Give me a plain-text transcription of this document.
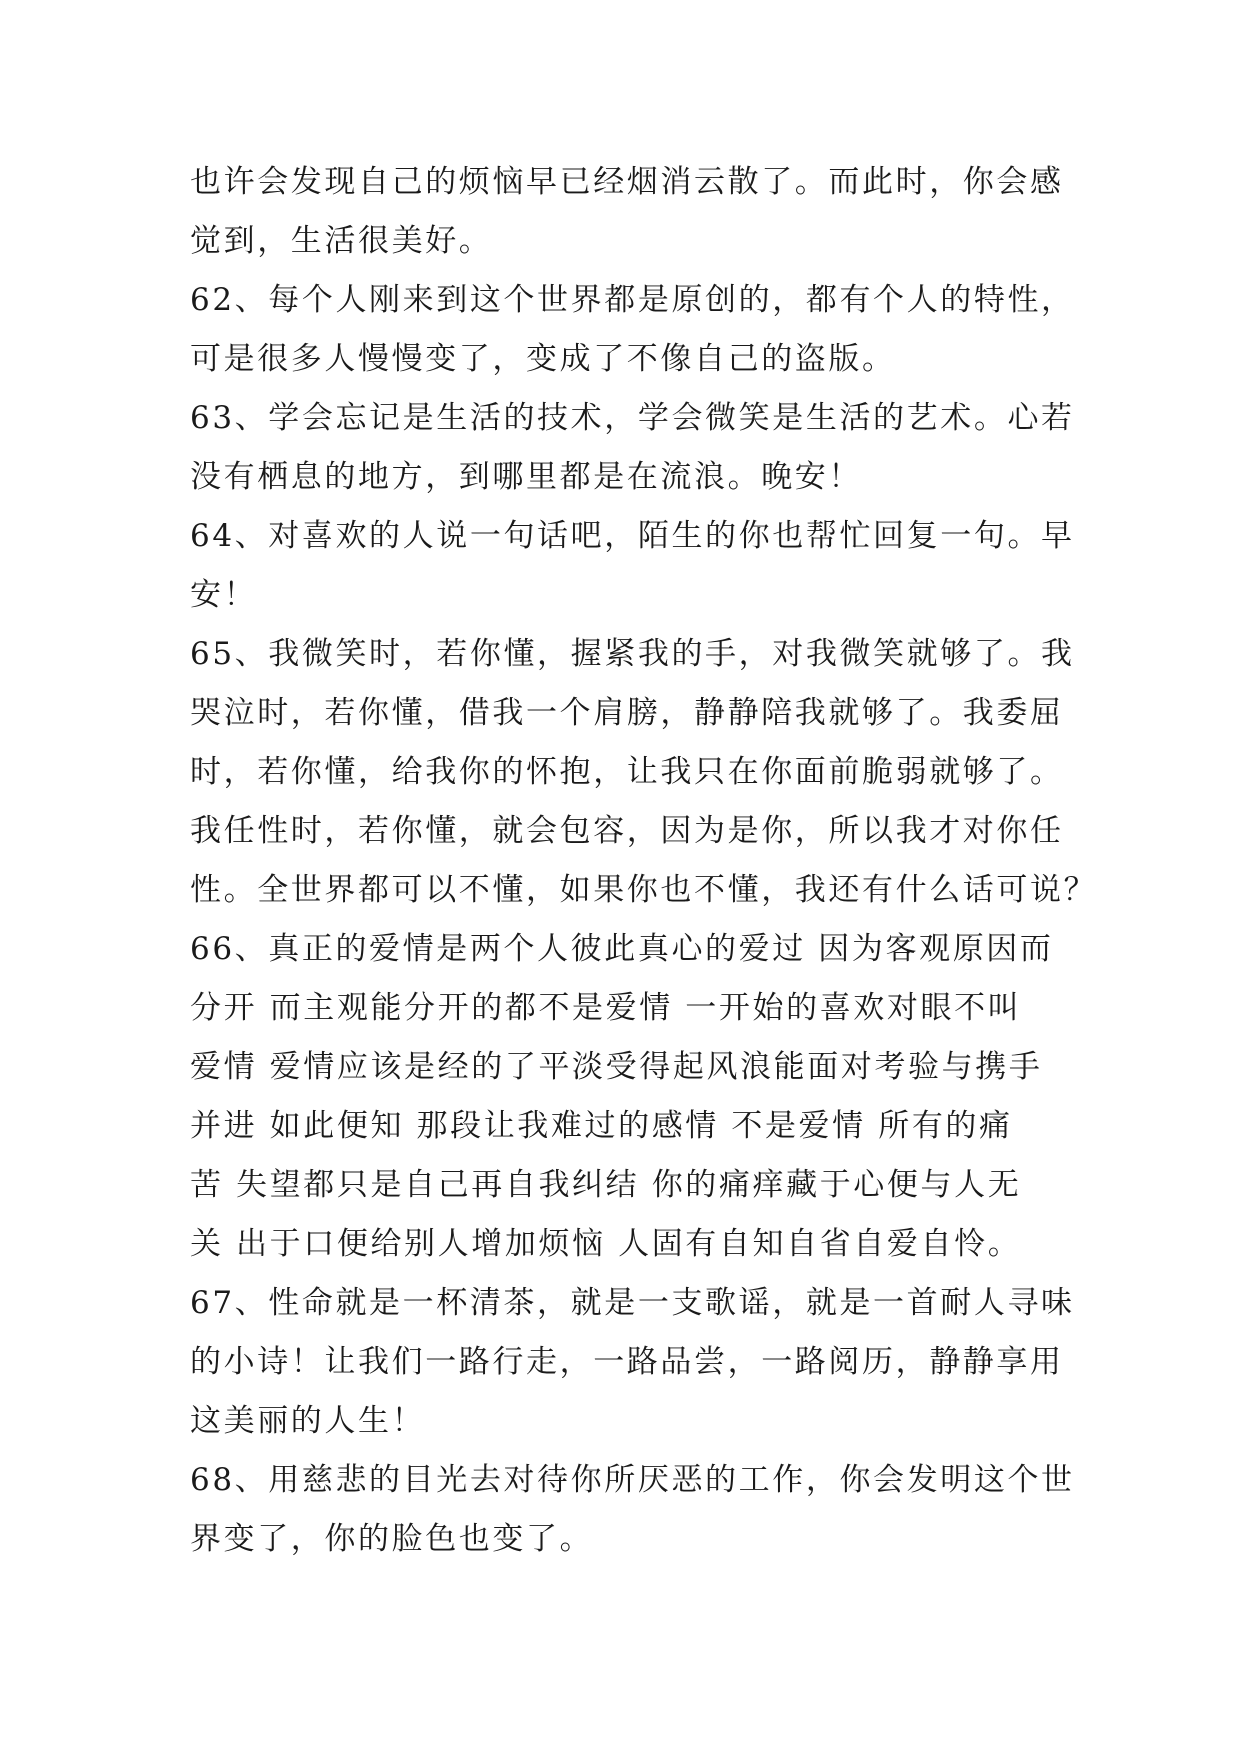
也许会发现自己的烦恼早已经烟消云散了。而此时，你会感
觉到，生活很美好。
62、每个人刚来到这个世界都是原创的，都有个人的特性，
可是很多人慢慢变了，变成了不像自己的盗版。
63、学会忘记是生活的技术，学会微笑是生活的艺术。心若
没有栖息的地方，到哪里都是在流浪。晚安！
64、对喜欢的人说一句话吧，陌生的你也帮忙回复一句。早
安！
65、我微笑时，若你懂，握紧我的手，对我微笑就够了。我
哭泣时，若你懂，借我一个肩膀，静静陪我就够了。我委屈
时，若你懂，给我你的怀抱，让我只在你面前脆弱就够了。
我任性时，若你懂，就会包容，因为是你，所以我才对你任
性。全世界都可以不懂，如果你也不懂，我还有什么话可说？
66、真正的爱情是两个人彼此真心的爱过 因为客观原因而
分开 而主观能分开的都不是爱情 一开始的喜欢对眼不叫
爱情 爱情应该是经的了平淡受得起风浪能面对考验与携手
并进 如此便知 那段让我难过的感情 不是爱情 所有的痛
苦 失望都只是自己再自我纠结 你的痛痒藏于心便与人无
关 出于口便给别人增加烦恼 人固有自知自省自爱自怜。
67、性命就是一杯清茶，就是一支歌谣，就是一首耐人寻味
的小诗！让我们一路行走，一路品尝，一路阅历，静静享用
这美丽的人生！
68、用慈悲的目光去对待你所厌恶的工作，你会发明这个世
界变了，你的脸色也变了。
